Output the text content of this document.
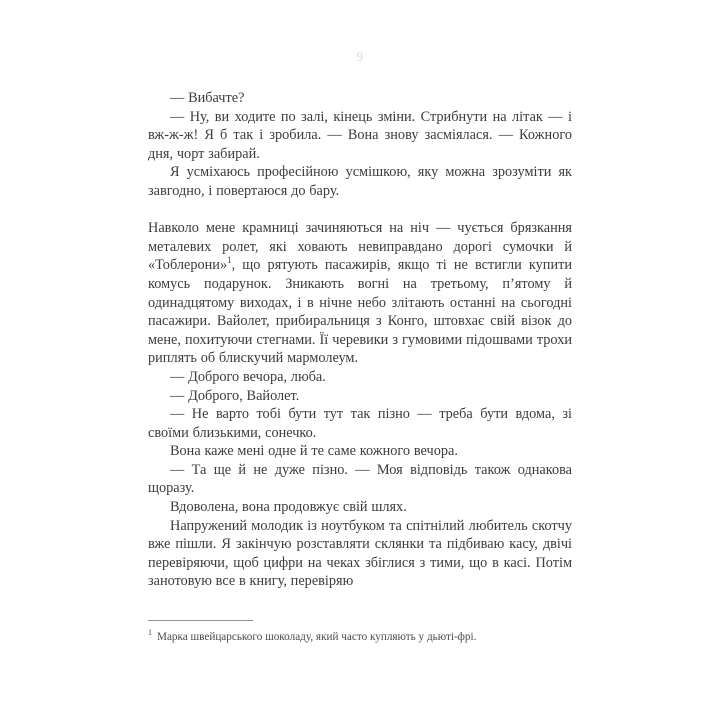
9

— Вибачте?

— Ну, ви ходите по залі, кінець зміни. Стрибнути на літак — і вж-ж-ж! Я б так і зробила. — Вона знову засміялася. — Кожного дня, чорт забирай.

Я усміхаюсь професійною усмішкою, яку можна зрозуміти як завгодно, і повертаюся до бару.

Навколо мене крамниці зачиняються на ніч — чується брязкання металевих ролет, які ховають невиправдано дорогі сумочки й «Тоблерони»$^1$, що рятують пасажирів, якщо ті не встигли купити комусь подарунок. Зникають вогні на третьому, п’ятому й одинадцятому виходах, і в нічне небо злітають останні на сьогодні пасажири. Вайолет, прибиральниця з Конго, штовхає свій візок до мене, похитуючи стегнами. Її черевики з гумовими підошвами трохи риплять об блискучий мармолеум.

— Доброго вечора, люба.

— Доброго, Вайолет.

— Не варто тобі бути тут так пізно — треба бути вдома, зі своїми близькими, сонечко.

Вона каже мені одне й те саме кожного вечора.

— Та ще й не дуже пізно. — Моя відповідь також однакова щоразу.

Вдоволена, вона продовжує свій шлях.

Напружений молодик із ноутбуком та спітнілий любитель скотчу вже пішли. Я закінчую розставляти склянки та підбиваю касу, двічі перевіряючи, щоб цифри на чеках збіглися з тими, що в касі. Потім занотовую все в книгу, перевіряю

$^1$ Марка швейцарського шоколаду, який часто купляють у дьюті-фрі.
